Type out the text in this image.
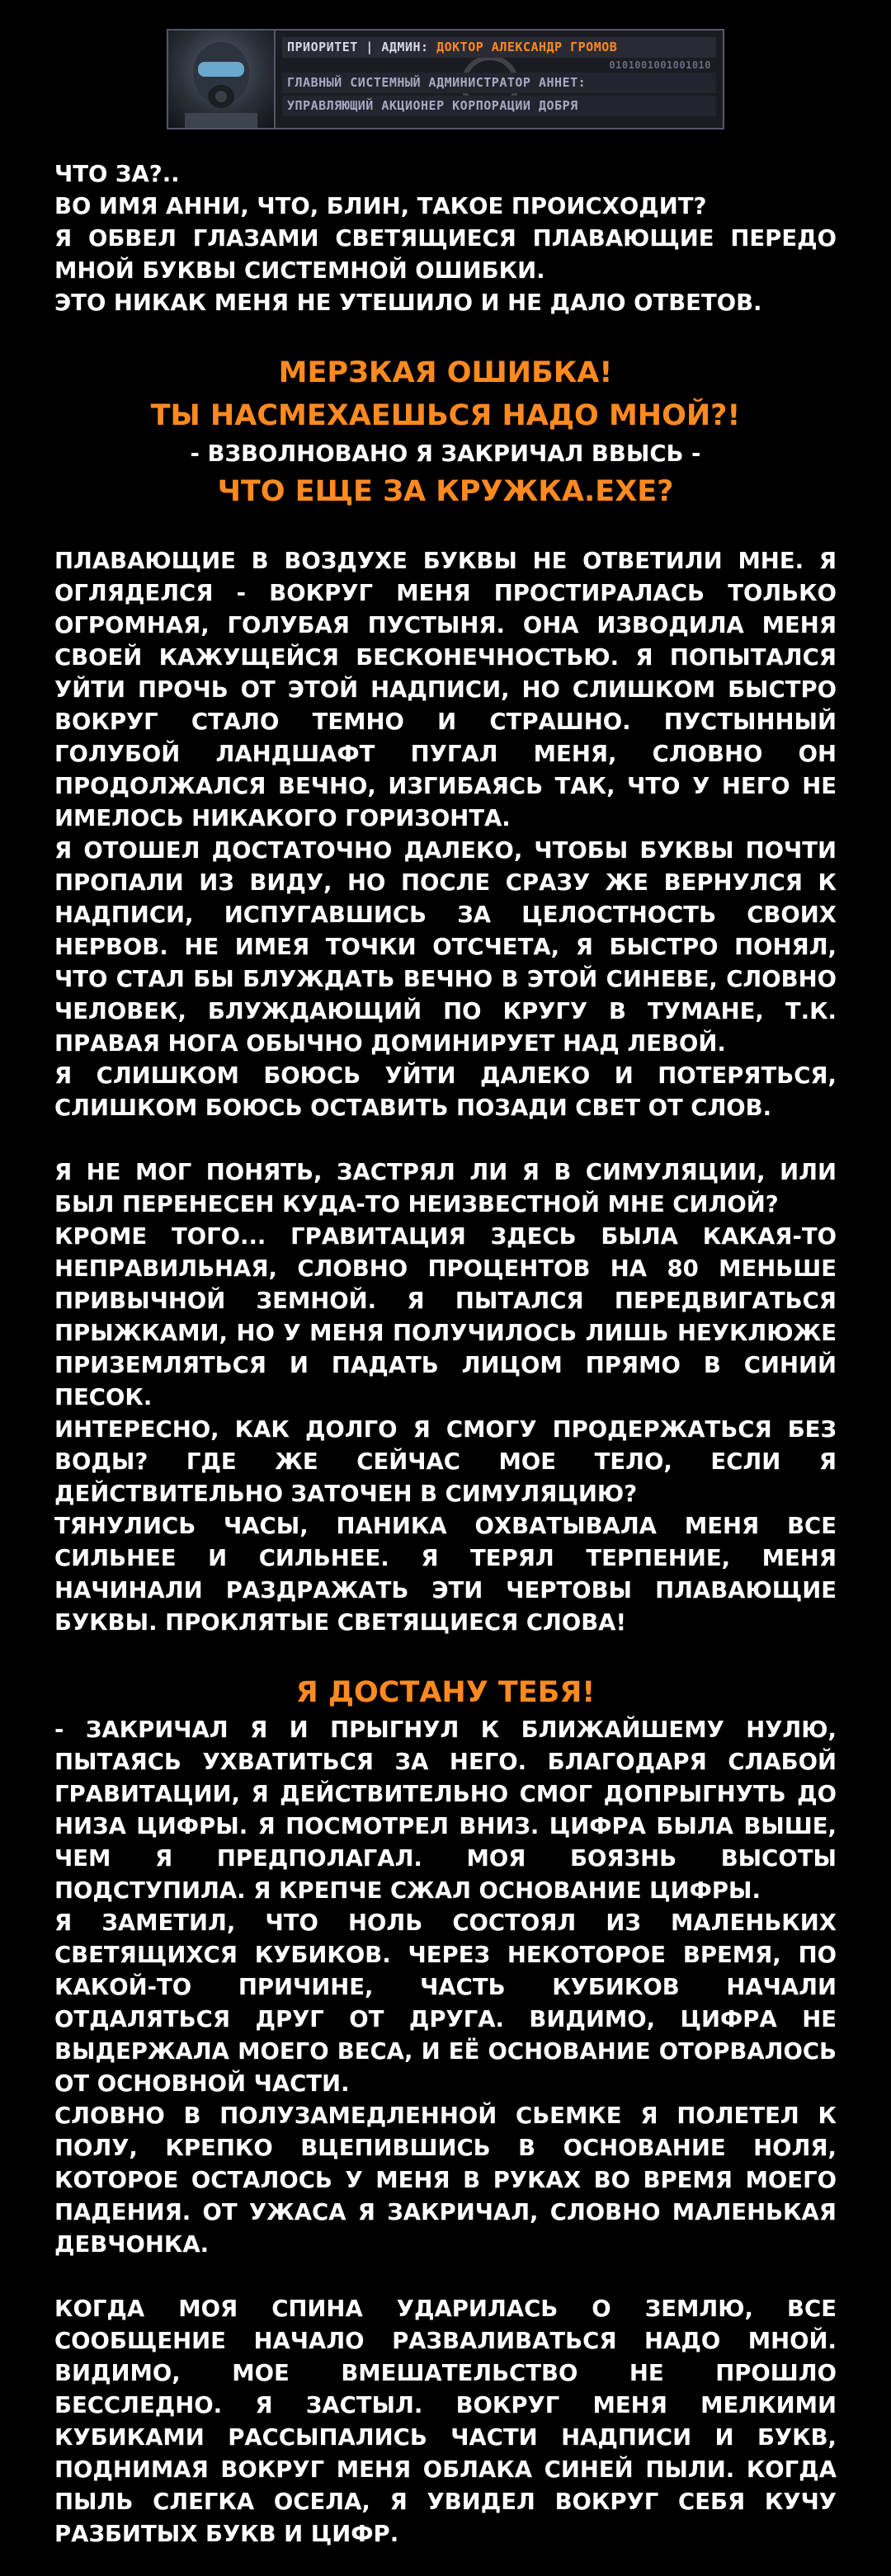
ПРИОРИТЕТ | АДМИН: ДОКТОР АЛЕКСАНДР ГРОМОВ
0101001001001010
ГЛАВНЫЙ СИСТЕМНЫЙ АДМИНИСТРАТОР АННЕТ:
УПРАВЛЯЮЩИЙ АКЦИОНЕР КОРПОРАЦИИ ДОБРЯ

ЧТО ЗА?..

ВО ИМЯ АННИ, ЧТО, БЛИН, ТАКОЕ ПРОИСХОДИТ?

Я ОБВЕЛ ГЛАЗАМИ СВЕТЯЩИЕСЯ ПЛАВАЮЩИЕ ПЕРЕДО МНОЙ БУКВЫ СИСТЕМНОЙ ОШИБКИ.

ЭТО НИКАК МЕНЯ НЕ УТЕШИЛО И НЕ ДАЛО ОТВЕТОВ.

МЕРЗКАЯ ОШИБКА!

ТЫ НАСМЕХАЕШЬСЯ НАДО МНОЙ?!

- ВЗВОЛНОВАНО Я ЗАКРИЧАЛ ВВЫСЬ -

ЧТО ЕЩЕ ЗА КРУЖКА.EXE?

ПЛАВАЮЩИЕ В ВОЗДУХЕ БУКВЫ НЕ ОТВЕТИЛИ МНЕ. Я ОГЛЯДЕЛСЯ - ВОКРУГ МЕНЯ ПРОСТИРАЛАСЬ ТОЛЬКО ОГРОМНАЯ, ГОЛУБАЯ ПУСТЫНЯ. ОНА ИЗВОДИЛА МЕНЯ СВОЕЙ КАЖУЩЕЙСЯ БЕСКОНЕЧНОСТЬЮ. Я ПОПЫТАЛСЯ УЙТИ ПРОЧЬ ОТ ЭТОЙ НАДПИСИ, НО СЛИШКОМ БЫСТРО ВОКРУГ СТАЛО ТЕМНО И СТРАШНО. ПУСТЫННЫЙ ГОЛУБОЙ ЛАНДШАФТ ПУГАЛ МЕНЯ, СЛОВНО ОН ПРОДОЛЖАЛСЯ ВЕЧНО, ИЗГИБАЯСЬ ТАК, ЧТО У НЕГО НЕ ИМЕЛОСЬ НИКАКОГО ГОРИЗОНТА.

Я ОТОШЕЛ ДОСТАТОЧНО ДАЛЕКО, ЧТОБЫ БУКВЫ ПОЧТИ ПРОПАЛИ ИЗ ВИДУ, НО ПОСЛЕ СРАЗУ ЖЕ ВЕРНУЛСЯ К НАДПИСИ, ИСПУГАВШИСЬ ЗА ЦЕЛОСТНОСТЬ СВОИХ НЕРВОВ. НЕ ИМЕЯ ТОЧКИ ОТСЧЕТА, Я БЫСТРО ПОНЯЛ, ЧТО СТАЛ БЫ БЛУЖДАТЬ ВЕЧНО В ЭТОЙ СИНЕВЕ, СЛОВНО ЧЕЛОВЕК, БЛУЖДАЮЩИЙ ПО КРУГУ В ТУМАНЕ, Т.К. ПРАВАЯ НОГА ОБЫЧНО ДОМИНИРУЕТ НАД ЛЕВОЙ.

Я СЛИШКОМ БОЮСЬ УЙТИ ДАЛЕКО И ПОТЕРЯТЬСЯ, СЛИШКОМ БОЮСЬ ОСТАВИТЬ ПОЗАДИ СВЕТ ОТ СЛОВ.

Я НЕ МОГ ПОНЯТЬ, ЗАСТРЯЛ ЛИ Я В СИМУЛЯЦИИ, ИЛИ БЫЛ ПЕРЕНЕСЕН КУДА-ТО НЕИЗВЕСТНОЙ МНЕ СИЛОЙ?

КРОМЕ ТОГО... ГРАВИТАЦИЯ ЗДЕСЬ БЫЛА КАКАЯ-ТО НЕПРАВИЛЬНАЯ, СЛОВНО ПРОЦЕНТОВ НА 80 МЕНЬШЕ ПРИВЫЧНОЙ ЗЕМНОЙ. Я ПЫТАЛСЯ ПЕРЕДВИГАТЬСЯ ПРЫЖКАМИ, НО У МЕНЯ ПОЛУЧИЛОСЬ ЛИШЬ НЕУКЛЮЖЕ ПРИЗЕМЛЯТЬСЯ И ПАДАТЬ ЛИЦОМ ПРЯМО В СИНИЙ ПЕСОК.

ИНТЕРЕСНО, КАК ДОЛГО Я СМОГУ ПРОДЕРЖАТЬСЯ БЕЗ ВОДЫ? ГДЕ ЖЕ СЕЙЧАС МОЕ ТЕЛО, ЕСЛИ Я ДЕЙСТВИТЕЛЬНО ЗАТОЧЕН В СИМУЛЯЦИЮ?

ТЯНУЛИСЬ ЧАСЫ, ПАНИКА ОХВАТЫВАЛА МЕНЯ ВСЕ СИЛЬНЕЕ И СИЛЬНЕЕ. Я ТЕРЯЛ ТЕРПЕНИЕ, МЕНЯ НАЧИНАЛИ РАЗДРАЖАТЬ ЭТИ ЧЕРТОВЫ ПЛАВАЮЩИЕ БУКВЫ. ПРОКЛЯТЫЕ СВЕТЯЩИЕСЯ СЛОВА!

Я ДОСТАНУ ТЕБЯ!

- ЗАКРИЧАЛ Я И ПРЫГНУЛ К БЛИЖАЙШЕМУ НУЛЮ, ПЫТАЯСЬ УХВАТИТЬСЯ ЗА НЕГО. БЛАГОДАРЯ СЛАБОЙ ГРАВИТАЦИИ, Я ДЕЙСТВИТЕЛЬНО СМОГ ДОПРЫГНУТЬ ДО НИЗА ЦИФРЫ. Я ПОСМОТРЕЛ ВНИЗ. ЦИФРА БЫЛА ВЫШЕ, ЧЕМ Я ПРЕДПОЛАГАЛ. МОЯ БОЯЗНЬ ВЫСОТЫ ПОДСТУПИЛА. Я КРЕПЧЕ СЖАЛ ОСНОВАНИЕ ЦИФРЫ.

Я ЗАМЕТИЛ, ЧТО НОЛЬ СОСТОЯЛ ИЗ МАЛЕНЬКИХ СВЕТЯЩИХСЯ КУБИКОВ. ЧЕРЕЗ НЕКОТОРОЕ ВРЕМЯ, ПО КАКОЙ-ТО ПРИЧИНЕ, ЧАСТЬ КУБИКОВ НАЧАЛИ ОТДАЛЯТЬСЯ ДРУГ ОТ ДРУГА. ВИДИМО, ЦИФРА НЕ ВЫДЕРЖАЛА МОЕГО ВЕСА, И ЕЁ ОСНОВАНИЕ ОТОРВАЛОСЬ ОТ ОСНОВНОЙ ЧАСТИ.

СЛОВНО В ПОЛУЗАМЕДЛЕННОЙ СЬЕМКЕ Я ПОЛЕТЕЛ К ПОЛУ, КРЕПКО ВЦЕПИВШИСЬ В ОСНОВАНИЕ НОЛЯ, КОТОРОЕ ОСТАЛОСЬ У МЕНЯ В РУКАХ ВО ВРЕМЯ МОЕГО ПАДЕНИЯ. ОТ УЖАСА Я ЗАКРИЧАЛ, СЛОВНО МАЛЕНЬКАЯ ДЕВЧОНКА.

КОГДА МОЯ СПИНА УДАРИЛАСЬ О ЗЕМЛЮ, ВСЕ СООБЩЕНИЕ НАЧАЛО РАЗВАЛИВАТЬСЯ НАДО МНОЙ. ВИДИМО, МОЕ ВМЕШАТЕЛЬСТВО НЕ ПРОШЛО БЕССЛЕДНО. Я ЗАСТЫЛ. ВОКРУГ МЕНЯ МЕЛКИМИ КУБИКАМИ РАССЫПАЛИСЬ ЧАСТИ НАДПИСИ И БУКВ, ПОДНИМАЯ ВОКРУГ МЕНЯ ОБЛАКА СИНЕЙ ПЫЛИ. КОГДА ПЫЛЬ СЛЕГКА ОСЕЛА, Я УВИДЕЛ ВОКРУГ СЕБЯ КУЧУ РАЗБИТЫХ БУКВ И ЦИФР.
